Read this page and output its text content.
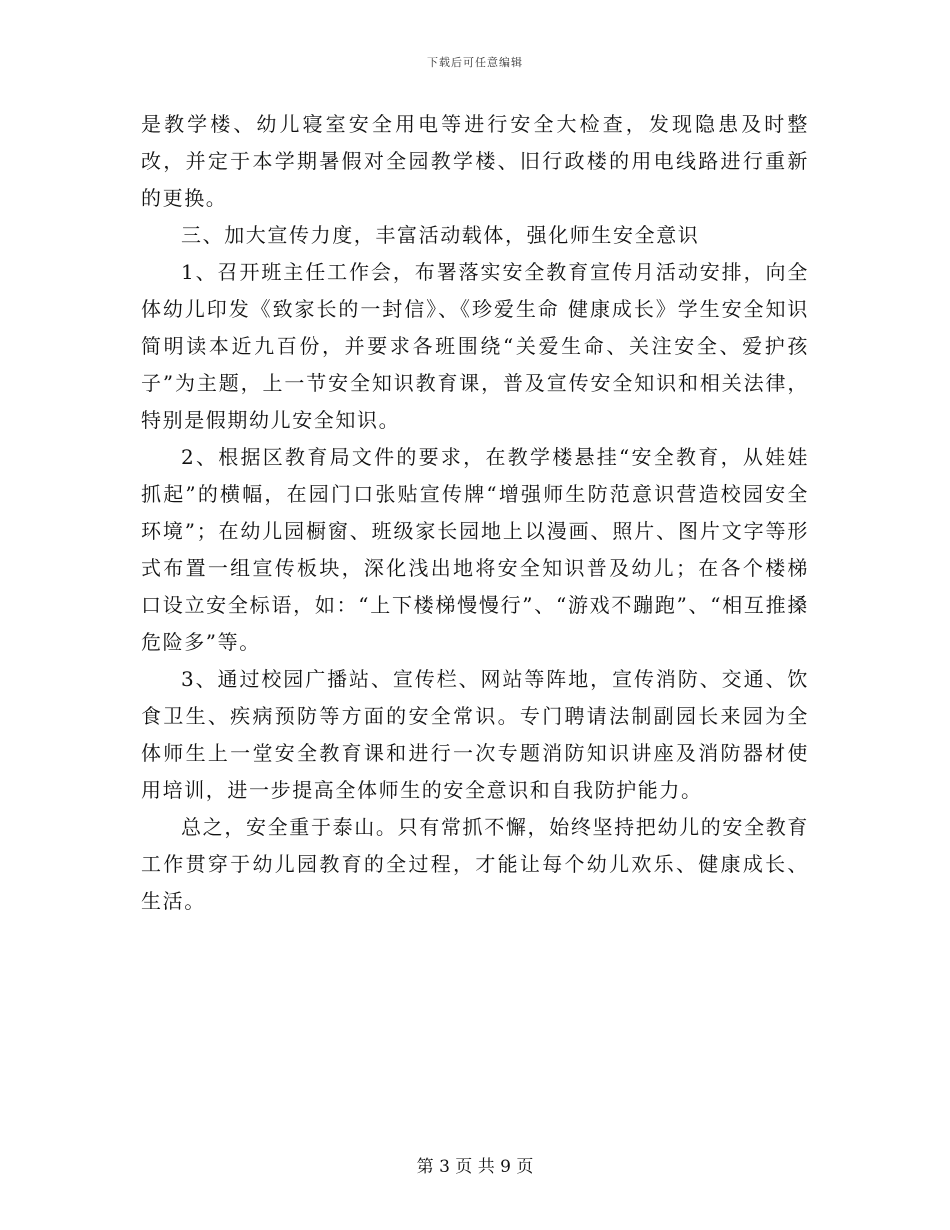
下载后可任意编辑

是教学楼、幼儿寝室安全用电等进行安全大检查，发现隐患及时整改，并定于本学期暑假对全园教学楼、旧行政楼的用电线路进行重新的更换。

三、加大宣传力度，丰富活动载体，强化师生安全意识

1、召开班主任工作会，布署落实安全教育宣传月活动安排，向全体幼儿印发《致家长的一封信》、《珍爱生命 健康成长》学生安全知识简明读本近九百份，并要求各班围绕“关爱生命、关注安全、爱护孩子”为主题，上一节安全知识教育课，普及宣传安全知识和相关法律，特别是假期幼儿安全知识。

2、根据区教育局文件的要求，在教学楼悬挂“安全教育，从娃娃抓起”的横幅，在园门口张贴宣传牌“增强师生防范意识营造校园安全环境”；在幼儿园橱窗、班级家长园地上以漫画、照片、图片文字等形式布置一组宣传板块，深化浅出地将安全知识普及幼儿；在各个楼梯口设立安全标语，如：“上下楼梯慢慢行”、“游戏不蹦跑”、“相互推搡危险多”等。

3、通过校园广播站、宣传栏、网站等阵地，宣传消防、交通、饮食卫生、疾病预防等方面的安全常识。专门聘请法制副园长来园为全体师生上一堂安全教育课和进行一次专题消防知识讲座及消防器材使用培训，进一步提高全体师生的安全意识和自我防护能力。

总之，安全重于泰山。只有常抓不懈，始终坚持把幼儿的安全教育工作贯穿于幼儿园教育的全过程，才能让每个幼儿欢乐、健康成长、生活。

第 3 页 共 9 页
